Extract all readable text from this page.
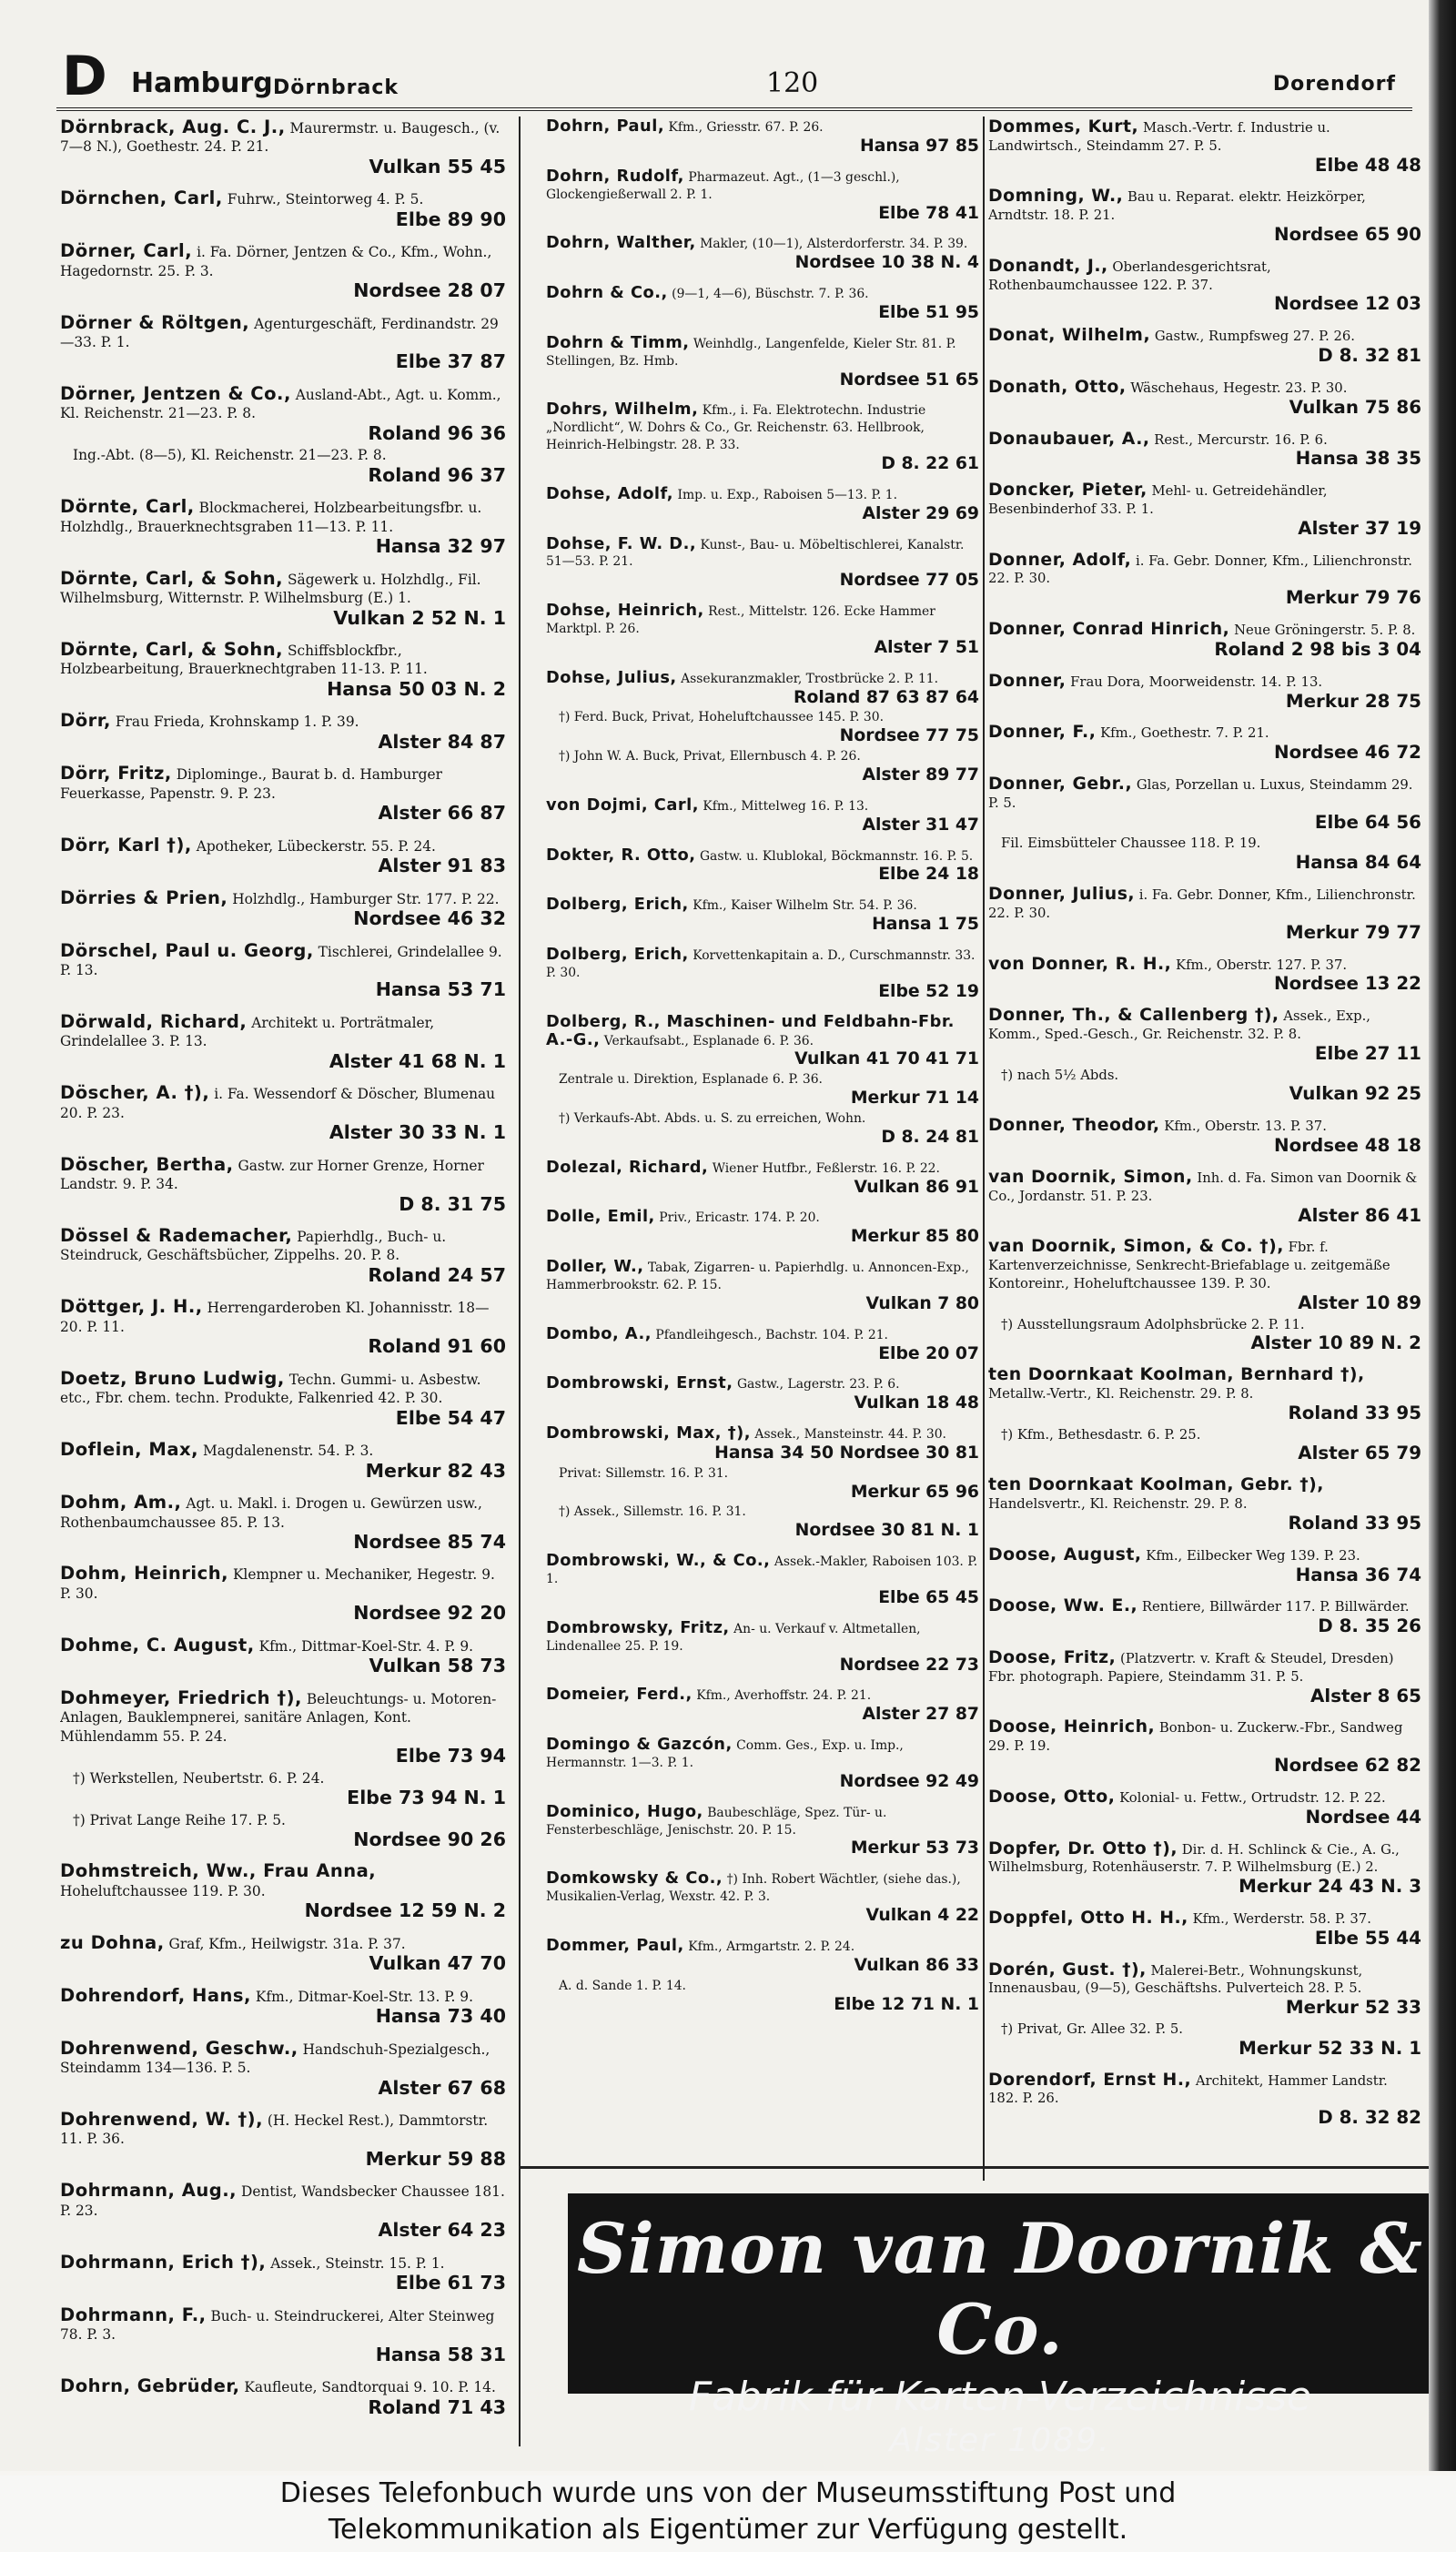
D Hamburg Dörnbrack	120	Dorendorf
Dörnbrack, Aug. C. J., Maurermstr. u. Baugesch., (v. 7—8 N.), Goethestr. 24. P. 21.
Vulkan 55 45
Dörnchen, Carl, Fuhrw., Steintorweg 4. P. 5.
Elbe 89 90
Dörner, Carl, i. Fa. Dörner, Jentzen & Co., Kfm., Wohn., Hagedornstr. 25. P. 3.
Nordsee 28 07
Dörner & Röltgen, Agenturgeschäft, Ferdinandstr. 29—33. P. 1.
Elbe 37 87
Dörner, Jentzen & Co., Ausland-Abt., Agt. u. Komm., Kl. Reichenstr. 21—23. P. 8.
Roland 96 36
Ing.-Abt. (8—5), Kl. Reichenstr. 21—23. P. 8.
Roland 96 37
Dörnte, Carl, Blockmacherei, Holzbearbeitungsfbr. u. Holzhdlg., Brauerknechtsgraben 11—13. P. 11.
Hansa 32 97
Dörnte, Carl, & Sohn, Sägewerk u. Holzhdlg., Fil. Wilhelmsburg, Witternstr. P. Wilhelmsburg (E.) 1.
Vulkan 2 52 N. 1
Dörnte, Carl, & Sohn, Schiffsblockfbr., Holzbearbeitung, Brauerknechtgraben 11-13. P. 11.
Hansa 50 03 N. 2
Dörr, Frau Frieda, Krohnskamp 1. P. 39.
Alster 84 87
Dörr, Fritz, Diplominge., Baurat b. d. Hamburger Feuerkasse, Papenstr. 9. P. 23.
Alster 66 87
Dörr, Karl †), Apotheker, Lübeckerstr. 55. P. 24.
Alster 91 83
Dörries & Prien, Holzhdlg., Hamburger Str. 177. P. 22.
Nordsee 46 32
Dörschel, Paul u. Georg, Tischlerei, Grindelallee 9. P. 13.
Hansa 53 71
Dörwald, Richard, Architekt u. Porträtmaler, Grindelallee 3. P. 13.
Alster 41 68 N. 1
Döscher, A. †), i. Fa. Wessendorf & Döscher, Blumenau 20. P. 23.
Alster 30 33 N. 1
Döscher, Bertha, Gastw. zur Horner Grenze, Horner Landstr. 9. P. 34.
D 8. 31 75
Dössel & Rademacher, Papierhdlg., Buch- u. Steindruck, Geschäftsbücher, Zippelhs. 20. P. 8.
Roland 24 57
Döttger, J. H., Herrengarderoben Kl. Johannisstr. 18—20. P. 11.
Roland 91 60
Doetz, Bruno Ludwig, Techn. Gummi- u. Asbestw. etc., Fbr. chem. techn. Produkte, Falkenried 42. P. 30.
Elbe 54 47
Doflein, Max, Magdalenenstr. 54. P. 3.
Merkur 82 43
Dohm, Am., Agt. u. Makl. i. Drogen u. Gewürzen usw., Rothenbaumchaussee 85. P. 13.
Nordsee 85 74
Dohm, Heinrich, Klempner u. Mechaniker, Hegestr. 9. P. 30.
Nordsee 92 20
Dohme, C. August, Kfm., Dittmar-Koel-Str. 4. P. 9.
Vulkan 58 73
Dohmeyer, Friedrich †), Beleuchtungs- u. Motoren-Anlagen, Bauklempnerei, sanitäre Anlagen, Kont. Mühlendamm 55. P. 24.
Elbe 73 94
†) Werkstellen, Neubertstr. 6. P. 24.
Elbe 73 94 N. 1
†) Privat Lange Reihe 17. P. 5.
Nordsee 90 26
Dohmstreich, Ww., Frau Anna, Hoheluftchaussee 119. P. 30.
Nordsee 12 59 N. 2
zu Dohna, Graf, Kfm., Heilwigstr. 31a. P. 37.
Vulkan 47 70
Dohrendorf, Hans, Kfm., Ditmar-Koel-Str. 13. P. 9.
Hansa 73 40
Dohrenwend, Geschw., Handschuh-Spezialgesch., Steindamm 134—136. P. 5.
Alster 67 68
Dohrenwend, W. †), (H. Heckel Rest.), Dammtorstr. 11. P. 36.
Merkur 59 88
Dohrmann, Aug., Dentist, Wandsbecker Chaussee 181. P. 23.
Alster 64 23
Dohrmann, Erich †), Assek., Steinstr. 15. P. 1.
Elbe 61 73
Dohrmann, F., Buch- u. Steindruckerei, Alter Steinweg 78. P. 3.
Hansa 58 31
Dohrn, Gebrüder, Kaufleute, Sandtorquai 9. 10. P. 14.
Roland 71 43
Dohrn, Paul, Kfm., Griesstr. 67. P. 26.
Hansa 97 85
Dohrn, Rudolf, Pharmazeut. Agt., (1—3 geschl.), Glockengießerwall 2. P. 1.
Elbe 78 41
Dohrn, Walther, Makler, (10—1), Alsterdorferstr. 34. P. 39.
Nordsee 10 38 N. 4
Dohrn & Co., (9—1, 4—6), Büschstr. 7. P. 36.
Elbe 51 95
Dohrn & Timm, Weinhdlg., Langenfelde, Kieler Str. 81. P. Stellingen, Bz. Hmb.
Nordsee 51 65
Dohrs, Wilhelm, Kfm., i. Fa. Elektrotechn. Industrie „Nordlicht“, W. Dohrs & Co., Gr. Reichenstr. 63. Hellbrook, Heinrich-Helbingstr. 28. P. 33.
D 8. 22 61
Dohse, Adolf, Imp. u. Exp., Raboisen 5—13. P. 1.
Alster 29 69
Dohse, F. W. D., Kunst-, Bau- u. Möbeltischlerei, Kanalstr. 51—53. P. 21.
Nordsee 77 05
Dohse, Heinrich, Rest., Mittelstr. 126. Ecke Hammer Marktpl. P. 26.
Alster 7 51
Dohse, Julius, Assekuranzmakler, Trostbrücke 2. P. 11.
Roland 87 63 87 64
†) Ferd. Buck, Privat, Hoheluftchaussee 145. P. 30.
Nordsee 77 75
†) John W. A. Buck, Privat, Ellernbusch 4. P. 26.
Alster 89 77
von Dojmi, Carl, Kfm., Mittelweg 16. P. 13.
Alster 31 47
Dokter, R. Otto, Gastw. u. Klublokal, Böckmannstr. 16. P. 5.
Elbe 24 18
Dolberg, Erich, Kfm., Kaiser Wilhelm Str. 54. P. 36.
Hansa 1 75
Dolberg, Erich, Korvettenkapitain a. D., Curschmannstr. 33. P. 30.
Elbe 52 19
Dolberg, R., Maschinen- und Feldbahn-Fbr. A.-G., Verkaufsabt., Esplanade 6. P. 36.
Vulkan 41 70 41 71
Zentrale u. Direktion, Esplanade 6. P. 36.
Merkur 71 14
†) Verkaufs-Abt. Abds. u. S. zu erreichen, Wohn.
D 8. 24 81
Dolezal, Richard, Wiener Hutfbr., Feßlerstr. 16. P. 22.
Vulkan 86 91
Dolle, Emil, Priv., Ericastr. 174. P. 20.
Merkur 85 80
Doller, W., Tabak, Zigarren- u. Papierhdlg. u. Annoncen-Exp., Hammerbrookstr. 62. P. 15.
Vulkan 7 80
Dombo, A., Pfandleihgesch., Bachstr. 104. P. 21.
Elbe 20 07
Dombrowski, Ernst, Gastw., Lagerstr. 23. P. 6.
Vulkan 18 48
Dombrowski, Max, †), Assek., Mansteinstr. 44. P. 30.
Hansa 34 50 Nordsee 30 81
Privat: Sillemstr. 16. P. 31.
Merkur 65 96
†) Assek., Sillemstr. 16. P. 31.
Nordsee 30 81 N. 1
Dombrowski, W., & Co., Assek.-Makler, Raboisen 103. P. 1.
Elbe 65 45
Dombrowsky, Fritz, An- u. Verkauf v. Altmetallen, Lindenallee 25. P. 19.
Nordsee 22 73
Domeier, Ferd., Kfm., Averhoffstr. 24. P. 21.
Alster 27 87
Domingo & Gazcón, Comm. Ges., Exp. u. Imp., Hermannstr. 1—3. P. 1.
Nordsee 92 49
Dominico, Hugo, Baubeschläge, Spez. Tür- u. Fensterbeschläge, Jenischstr. 20. P. 15.
Merkur 53 73
Domkowsky & Co., †) Inh. Robert Wächtler, (siehe das.), Musikalien-Verlag, Wexstr. 42. P. 3.
Vulkan 4 22
Dommer, Paul, Kfm., Armgartstr. 2. P. 24.
Vulkan 86 33
A. d. Sande 1. P. 14.
Elbe 12 71 N. 1
Dommes, Kurt, Masch.-Vertr. f. Industrie u. Landwirtsch., Steindamm 27. P. 5.
Elbe 48 48
Domning, W., Bau u. Reparat. elektr. Heizkörper, Arndtstr. 18. P. 21.
Nordsee 65 90
Donandt, J., Oberlandesgerichtsrat, Rothenbaumchaussee 122. P. 37.
Nordsee 12 03
Donat, Wilhelm, Gastw., Rumpfsweg 27. P. 26.
D 8. 32 81
Donath, Otto, Wäschehaus, Hegestr. 23. P. 30.
Vulkan 75 86
Donaubauer, A., Rest., Mercurstr. 16. P. 6.
Hansa 38 35
Doncker, Pieter, Mehl- u. Getreidehändler, Besenbinderhof 33. P. 1.
Alster 37 19
Donner, Adolf, i. Fa. Gebr. Donner, Kfm., Lilienchronstr. 22. P. 30.
Merkur 79 76
Donner, Conrad Hinrich, Neue Gröningerstr. 5. P. 8.
Roland 2 98 bis 3 04
Donner, Frau Dora, Moorweidenstr. 14. P. 13.
Merkur 28 75
Donner, F., Kfm., Goethestr. 7. P. 21.
Nordsee 46 72
Donner, Gebr., Glas, Porzellan u. Luxus, Steindamm 29. P. 5.
Elbe 64 56
Fil. Eimsbütteler Chaussee 118. P. 19.
Hansa 84 64
Donner, Julius, i. Fa. Gebr. Donner, Kfm., Lilienchronstr. 22. P. 30.
Merkur 79 77
von Donner, R. H., Kfm., Oberstr. 127. P. 37.
Nordsee 13 22
Donner, Th., & Callenberg †), Assek., Exp., Komm., Sped.-Gesch., Gr. Reichenstr. 32. P. 8.
Elbe 27 11
†) nach 5½ Abds.
Vulkan 92 25
Donner, Theodor, Kfm., Oberstr. 13. P. 37.
Nordsee 48 18
van Doornik, Simon, Inh. d. Fa. Simon van Doornik & Co., Jordanstr. 51. P. 23.
Alster 86 41
van Doornik, Simon, & Co. †), Fbr. f. Kartenverzeichnisse, Senkrecht-Briefablage u. zeitgemäße Kontoreinr., Hoheluftchaussee 139. P. 30.
Alster 10 89
†) Ausstellungsraum Adolphsbrücke 2. P. 11.
Alster 10 89 N. 2
ten Doornkaat Koolman, Bernhard †), Metallw.-Vertr., Kl. Reichenstr. 29. P. 8.
Roland 33 95
†) Kfm., Bethesdastr. 6. P. 25.
Alster 65 79
ten Doornkaat Koolman, Gebr. †), Handelsvertr., Kl. Reichenstr. 29. P. 8.
Roland 33 95
Doose, August, Kfm., Eilbecker Weg 139. P. 23.
Hansa 36 74
Doose, Ww. E., Rentiere, Billwärder 117. P. Billwärder.
D 8. 35 26
Doose, Fritz, (Platzvertr. v. Kraft & Steudel, Dresden) Fbr. photograph. Papiere, Steindamm 31. P. 5.
Alster 8 65
Doose, Heinrich, Bonbon- u. Zuckerw.-Fbr., Sandweg 29. P. 19.
Nordsee 62 82
Doose, Otto, Kolonial- u. Fettw., Ortrudstr. 12. P. 22.
Nordsee 44
Dopfer, Dr. Otto †), Dir. d. H. Schlinck & Cie., A. G., Wilhelmsburg, Rotenhäuserstr. 7. P. Wilhelmsburg (E.) 2.
Merkur 24 43 N. 3
Doppfel, Otto H. H., Kfm., Werderstr. 58. P. 37.
Elbe 55 44
Dorén, Gust. †), Malerei-Betr., Wohnungskunst, Innenausbau, (9—5), Geschäftshs. Pulverteich 28. P. 5.
Merkur 52 33
†) Privat, Gr. Allee 32. P. 5.
Merkur 52 33 N. 1
Dorendorf, Ernst H., Architekt, Hammer Landstr. 182. P. 26.
D 8. 32 82
Simon van Doornik & Co.
Fabrik für Karten-Verzeichnisse
Alster 1089.
Dieses Telefonbuch wurde uns von der Museumsstiftung Post und
Telekommunikation als Eigentümer zur Verfügung gestellt.
